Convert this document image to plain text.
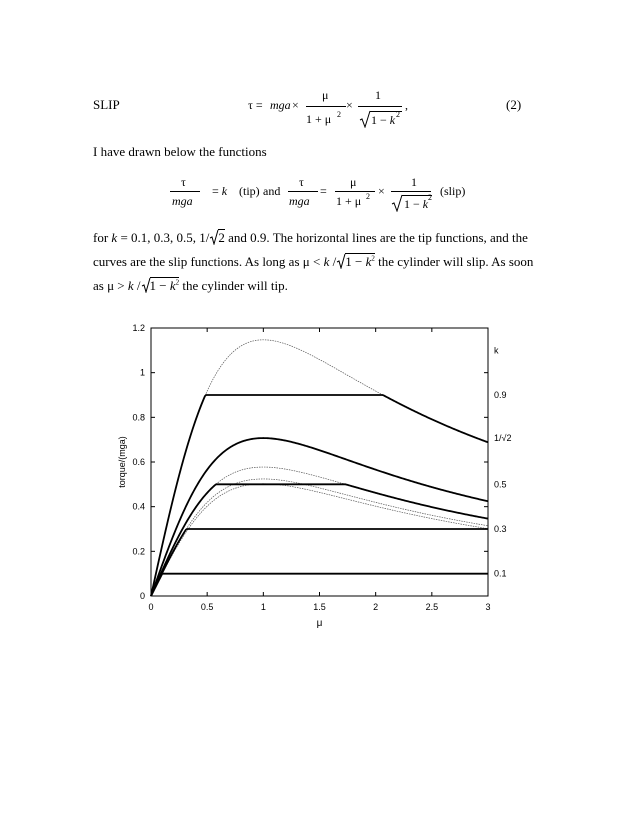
SLIP	τ = mga ×
μ
1 + μ 2
×
1
1 − k 2
,	(2)
I have drawn below the functions
τ
mga
= k (tip) and
τ
mga
=
μ
1 + μ 2 ×
1
1 − k 2 (slip)
for k = 0.1, 0.3, 0.5, 1/ 2 and 0.9. The horizontal lines are the tip functions, and the
curves are the slip functions. As long as $\mu < k / 1 - k^2$ the cylinder will slip. As soon
as $\mu > k / 1 - k^2$ the cylinder will tip.
0	0.5	1	1.5	2	2.5	3
0
0.2
0.4
0.6
0.8
1
1.2
μ
torque/(mga)
0.1
0.3
0.5
1/√2
0.9
k
